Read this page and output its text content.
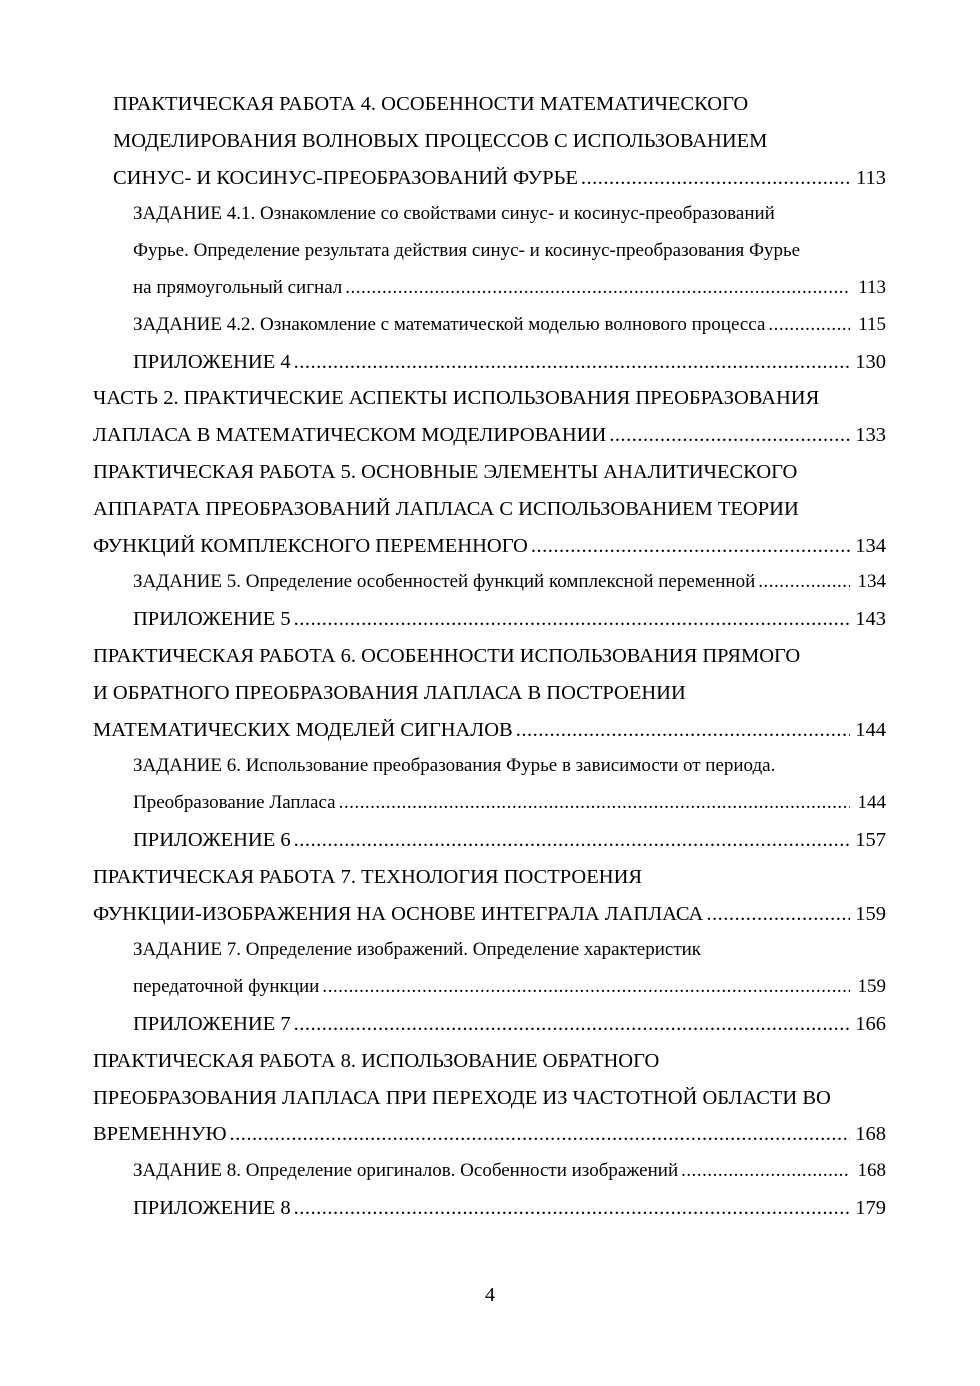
ПРАКТИЧЕСКАЯ РАБОТА 4. ОСОБЕННОСТИ МАТЕМАТИЧЕСКОГО
МОДЕЛИРОВАНИЯ ВОЛНОВЫХ ПРОЦЕССОВ С ИСПОЛЬЗОВАНИЕМ
СИНУС- И КОСИНУС-ПРЕОБРАЗОВАНИЙ ФУРЬЕ .....	113
ЗАДАНИЕ 4.1. Ознакомление со свойствами синус- и косинус-преобразований
Фурье. Определение результата действия синус- и косинус-преобразования Фурье
на прямоугольный сигнал .....	113
ЗАДАНИЕ 4.2. Ознакомление с математической моделью волнового процесса .....	115
ПРИЛОЖЕНИЕ 4 .....	130
ЧАСТЬ 2. ПРАКТИЧЕСКИЕ АСПЕКТЫ ИСПОЛЬЗОВАНИЯ ПРЕОБРАЗОВАНИЯ
ЛАПЛАСА В МАТЕМАТИЧЕСКОМ МОДЕЛИРОВАНИИ .....	133
ПРАКТИЧЕСКАЯ РАБОТА 5. ОСНОВНЫЕ ЭЛЕМЕНТЫ АНАЛИТИЧЕСКОГО
АППАРАТА ПРЕОБРАЗОВАНИЙ ЛАПЛАСА С ИСПОЛЬЗОВАНИЕМ ТЕОРИИ
ФУНКЦИЙ КОМПЛЕКСНОГО ПЕРЕМЕННОГО .....	134
ЗАДАНИЕ 5. Определение особенностей функций комплексной переменной .....	134
ПРИЛОЖЕНИЕ 5 .....	143
ПРАКТИЧЕСКАЯ РАБОТА 6. ОСОБЕННОСТИ ИСПОЛЬЗОВАНИЯ ПРЯМОГО
И ОБРАТНОГО ПРЕОБРАЗОВАНИЯ ЛАПЛАСА В ПОСТРОЕНИИ
МАТЕМАТИЧЕСКИХ МОДЕЛЕЙ СИГНАЛОВ .....	144
ЗАДАНИЕ 6. Использование преобразования Фурье в зависимости от периода.
Преобразование Лапласа .....	144
ПРИЛОЖЕНИЕ 6 .....	157
ПРАКТИЧЕСКАЯ РАБОТА 7. ТЕХНОЛОГИЯ ПОСТРОЕНИЯ
ФУНКЦИИ-ИЗОБРАЖЕНИЯ НА ОСНОВЕ ИНТЕГРАЛА ЛАПЛАСА .....	159
ЗАДАНИЕ 7. Определение изображений. Определение характеристик
передаточной функции .....	159
ПРИЛОЖЕНИЕ 7 .....	166
ПРАКТИЧЕСКАЯ РАБОТА 8. ИСПОЛЬЗОВАНИЕ ОБРАТНОГО
ПРЕОБРАЗОВАНИЯ ЛАПЛАСА ПРИ ПЕРЕХОДЕ ИЗ ЧАСТОТНОЙ ОБЛАСТИ ВО
ВРЕМЕННУЮ .....	168
ЗАДАНИЕ 8. Определение оригиналов. Особенности изображений .....	168
ПРИЛОЖЕНИЕ 8 .....	179
4
